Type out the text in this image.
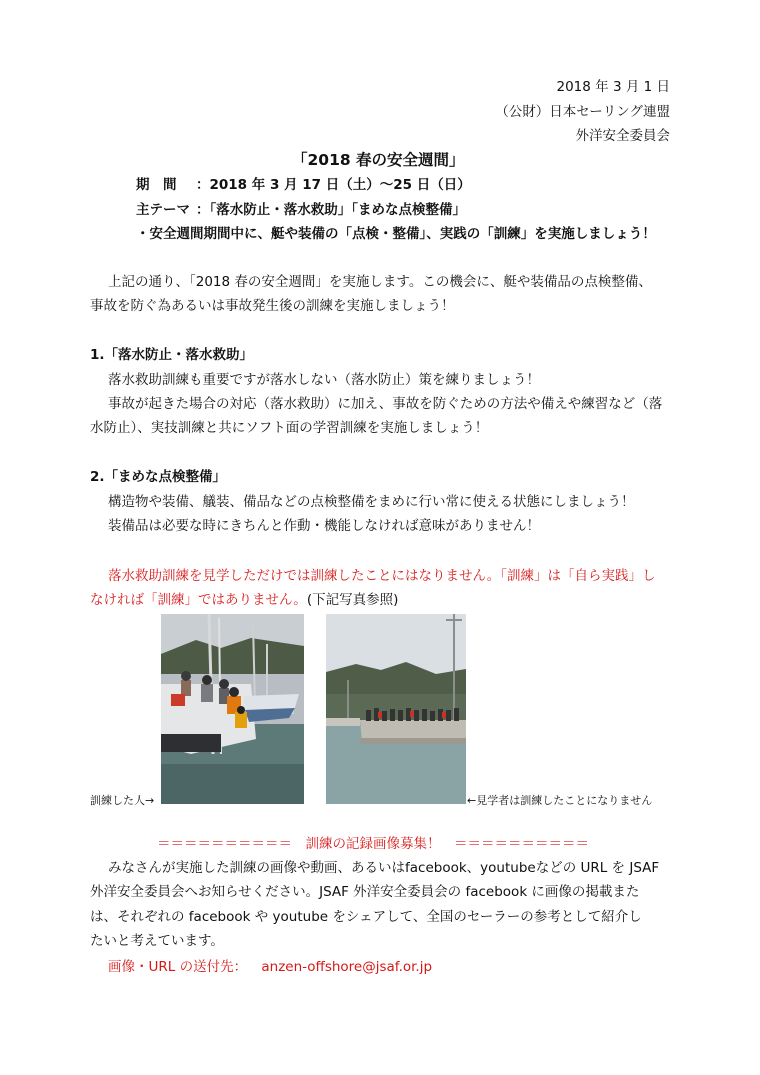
2018 年 3 月 1 日
（公財）日本セーリング連盟
外洋安全委員会
「2018 春の安全週間」
期　間 ：2018 年 3 月 17 日（土）～25 日（日）
主テーマ ：「落水防止・落水救助」「まめな点検整備」
・安全週間期間中に、艇や装備の「点検・整備」、実践の「訓練」を実施しましょう！
上記の通り、「2018 春の安全週間」を実施します。この機会に、艇や装備品の点検整備、
事故を防ぐ為あるいは事故発生後の訓練を実施しましょう！
1.「落水防止・落水救助」
落水救助訓練も重要ですが落水しない（落水防止）策を練りましょう！
事故が起きた場合の対応（落水救助）に加え、事故を防ぐための方法や備えや練習など（落
水防止）、実技訓練と共にソフト面の学習訓練を実施しましょう！
2.「まめな点検整備」
構造物や装備、艤装、備品などの点検整備をまめに行い常に使える状態にしましょう！
装備品は必要な時にきちんと作動・機能しなければ意味がありません！
落水救助訓練を見学しただけでは訓練したことにはなりません。「訓練」は「自ら実践」し
なければ「訓練」ではありません。(下記写真参照)
訓練した人→	←見学者は訓練したことになりません
＝＝＝＝＝＝＝＝＝＝　訓練の記録画像募集！　＝＝＝＝＝＝＝＝＝＝
みなさんが実施した訓練の画像や動画、あるいはfacebook、youtubeなどの URL を JSAF
外洋安全委員会へお知らせください。JSAF 外洋安全委員会の facebook に画像の掲載また
は、それぞれの facebook や youtube をシェアして、全国のセーラーの参考として紹介し
たいと考えています。
画像・URL の送付先： anzen-offshore@jsaf.or.jp
